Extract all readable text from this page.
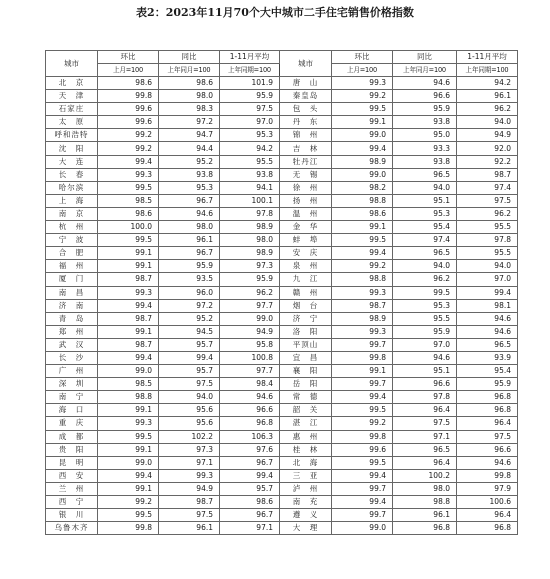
表2：2023年11月70个大中城市二手住宅销售价格指数
城市	环比	同比	1-11月平均	城市	环比	同比	1-11月平均
	上月=100	上年同月=100	上年同期=100		上月=100	上年同月=100	上年同期=100
北　京	98.6	98.6	101.9	唐　山	99.3	94.6	94.2
天　津	99.8	98.0	95.9	秦皇岛	99.2	96.6	96.1
石家庄	99.6	98.3	97.5	包　头	99.5	95.9	96.2
太　原	99.6	97.2	97.0	丹　东	99.1	93.8	94.0
呼和浩特	99.2	94.7	95.3	锦　州	99.0	95.0	94.9
沈　阳	99.2	94.4	94.2	吉　林	99.4	93.3	92.0
大　连	99.4	95.2	95.5	牡丹江	98.9	93.8	92.2
长　春	99.3	93.8	93.8	无　锡	99.0	96.5	98.7
哈尔滨	99.5	95.3	94.1	徐　州	98.2	94.0	97.4
上　海	98.5	96.7	100.1	扬　州	98.8	95.1	97.5
南　京	98.6	94.6	97.8	温　州	98.6	95.3	96.2
杭　州	100.0	98.0	98.9	金　华	99.1	95.4	95.5
宁　波	99.5	96.1	98.0	蚌　埠	99.5	97.4	97.8
合　肥	99.1	96.7	98.9	安　庆	99.4	96.5	95.5
福　州	99.1	95.9	97.3	泉　州	99.2	94.0	94.0
厦　门	98.7	93.5	95.9	九　江	98.8	96.2	97.0
南　昌	99.3	96.0	96.2	赣　州	99.3	99.5	99.4
济　南	99.4	97.2	97.7	烟　台	98.7	95.3	98.1
青　岛	98.7	95.2	99.0	济　宁	98.9	95.5	94.6
郑　州	99.1	94.5	94.9	洛　阳	99.3	95.9	94.6
武　汉	98.7	95.7	95.8	平顶山	99.7	97.0	96.5
长　沙	99.4	99.4	100.8	宜　昌	99.8	94.6	93.9
广　州	99.0	95.7	97.7	襄　阳	99.1	95.1	95.4
深　圳	98.5	97.5	98.4	岳　阳	99.7	96.6	95.9
南　宁	98.8	94.0	94.6	常　德	99.4	97.8	96.8
海　口	99.1	95.6	96.6	韶　关	99.5	96.4	96.8
重　庆	99.3	95.6	96.8	湛　江	99.2	97.5	96.4
成　都	99.5	102.2	106.3	惠　州	99.8	97.1	97.5
贵　阳	99.1	97.3	97.6	桂　林	99.6	96.5	96.6
昆　明	99.0	97.1	96.7	北　海	99.5	96.4	94.6
西　安	99.4	99.3	99.4	三　亚	99.4	100.2	99.8
兰　州	99.1	94.9	95.7	泸　州	99.7	98.0	97.9
西　宁	99.2	98.7	98.6	南　充	99.4	98.8	100.6
银　川	99.5	97.5	96.7	遵　义	99.7	96.1	96.4
乌鲁木齐	99.8	96.1	97.1	大　理	99.0	96.8	96.8
